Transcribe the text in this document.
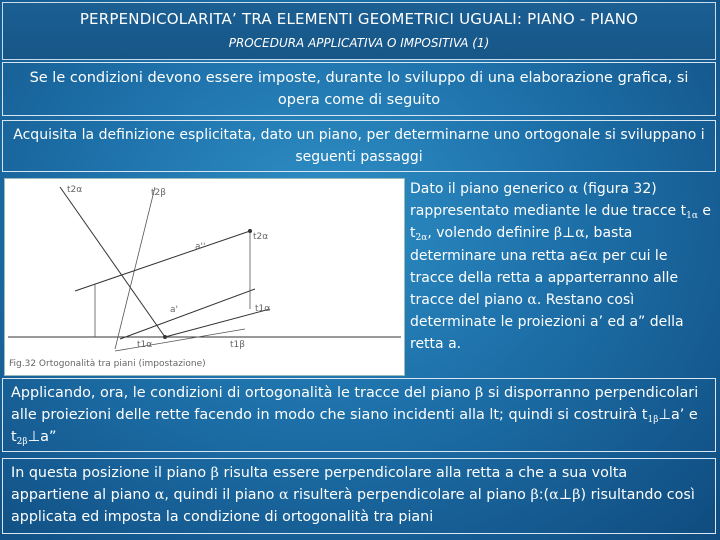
PERPENDICOLARITA’ TRA ELEMENTI GEOMETRICI UGUALI: PIANO - PIANO
PROCEDURA APPLICATIVA O IMPOSITIVA (1)
Se le condizioni devono essere imposte, durante lo sviluppo di una elaborazione grafica, si opera come di seguito
Acquisita la definizione esplicitata, dato un piano, per determinarne uno ortogonale si sviluppano i seguenti passaggi
t2α	t2β
t2α
a''
t1α
a'
t1α	t1β
Fig.32 Ortogonalità tra piani (impostazione)
Dato il piano generico α (figura 32) rappresentato mediante le due tracce $t_{1\alpha}$ e $t_{2\alpha}$, volendo definire β⊥α, basta determinare una retta a∈α per cui le tracce della retta a apparterranno alle tracce del piano α. Restano così determinate le proiezioni a’ ed a” della retta a.
Applicando, ora, le condizioni di ortogonalità le tracce del piano β si disporranno perpendicolari alle proiezioni delle rette facendo in modo che siano incidenti alla lt; quindi si costruirà $t_{1\beta}\perp a$’ e $t_{2\beta}\perp a$”
In questa posizione il piano β risulta essere perpendicolare alla retta a che a sua volta appartiene al piano α, quindi il piano α risulterà perpendicolare al piano β:(α⊥β) risultando così applicata ed imposta la condizione di ortogonalità tra piani
